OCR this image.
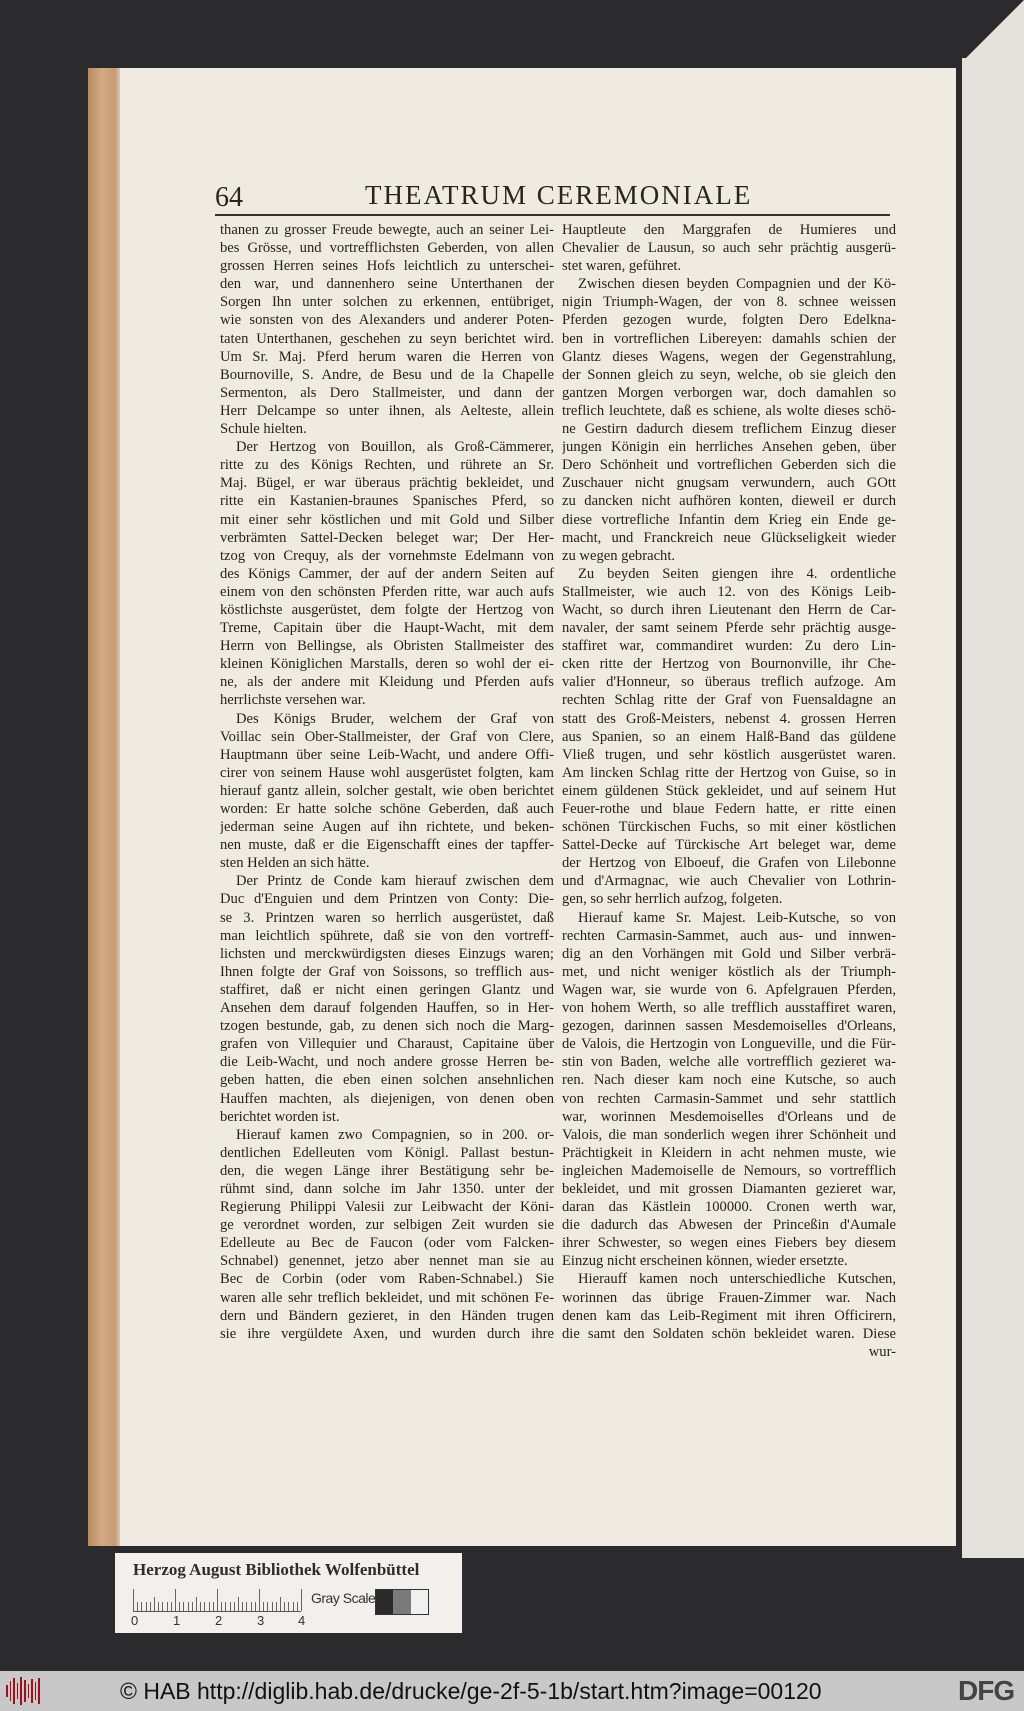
64	THEATRUM CEREMONIALE
thanen zu grosser Freude bewegte, auch an seiner Lei-
bes Grösse, und vortrefflichsten Geberden, von allen
grossen Herren seines Hofs leichtlich zu unterschei-
den war, und dannenhero seine Unterthanen der
Sorgen Ihn unter solchen zu erkennen, entübriget,
wie sonsten von des Alexanders und anderer Poten-
taten Unterthanen, geschehen zu seyn berichtet wird.
Um Sr. Maj. Pferd herum waren die Herren von
Bournoville, S. Andre, de Besu und de la Chapelle
Sermenton, als Dero Stallmeister, und dann der
Herr Delcampe so unter ihnen, als Aelteste, allein
Schule hielten.
Der Hertzog von Bouillon, als Groß-Cämmerer,
ritte zu des Königs Rechten, und rührete an Sr.
Maj. Bügel, er war überaus prächtig bekleidet, und
ritte ein Kastanien-braunes Spanisches Pferd, so
mit einer sehr köstlichen und mit Gold und Silber
verbrämten Sattel-Decken beleget war; Der Her-
tzog von Crequy, als der vornehmste Edelmann von
des Königs Cammer, der auf der andern Seiten auf
einem von den schönsten Pferden ritte, war auch aufs
köstlichste ausgerüstet, dem folgte der Hertzog von
Treme, Capitain über die Haupt-Wacht, mit dem
Herrn von Bellingse, als Obristen Stallmeister des
kleinen Königlichen Marstalls, deren so wohl der ei-
ne, als der andere mit Kleidung und Pferden aufs
herrlichste versehen war.
Des Königs Bruder, welchem der Graf von
Voillac sein Ober-Stallmeister, der Graf von Clere,
Hauptmann über seine Leib-Wacht, und andere Offi-
cirer von seinem Hause wohl ausgerüstet folgten, kam
hierauf gantz allein, solcher gestalt, wie oben berichtet
worden: Er hatte solche schöne Geberden, daß auch
jederman seine Augen auf ihn richtete, und beken-
nen muste, daß er die Eigenschafft eines der tapffer-
sten Helden an sich hätte.
Der Printz de Conde kam hierauf zwischen dem
Duc d'Enguien und dem Printzen von Conty: Die-
se 3. Printzen waren so herrlich ausgerüstet, daß
man leichtlich spührete, daß sie von den vortreff-
lichsten und merckwürdigsten dieses Einzugs waren;
Ihnen folgte der Graf von Soissons, so trefflich aus-
staffiret, daß er nicht einen geringen Glantz und
Ansehen dem darauf folgenden Hauffen, so in Her-
tzogen bestunde, gab, zu denen sich noch die Marg-
grafen von Villequier und Charaust, Capitaine über
die Leib-Wacht, und noch andere grosse Herren be-
geben hatten, die eben einen solchen ansehnlichen
Hauffen machten, als diejenigen, von denen oben
berichtet worden ist.
Hierauf kamen zwo Compagnien, so in 200. or-
dentlichen Edelleuten vom Königl. Pallast bestun-
den, die wegen Länge ihrer Bestätigung sehr be-
rühmt sind, dann solche im Jahr 1350. unter der
Regierung Philippi Valesii zur Leibwacht der Köni-
ge verordnet worden, zur selbigen Zeit wurden sie
Edelleute au Bec de Faucon (oder vom Falcken-
Schnabel) genennet, jetzo aber nennet man sie au
Bec de Corbin (oder vom Raben-Schnabel.) Sie
waren alle sehr treflich bekleidet, und mit schönen Fe-
dern und Bändern gezieret, in den Händen trugen
sie ihre vergüldete Axen, und wurden durch ihre
Hauptleute den Marggrafen de Humieres und
Chevalier de Lausun, so auch sehr prächtig ausgerü-
stet waren, geführet.
Zwischen diesen beyden Compagnien und der Kö-
nigin Triumph-Wagen, der von 8. schnee weissen
Pferden gezogen wurde, folgten Dero Edelkna-
ben in vortreflichen Libereyen: damahls schien der
Glantz dieses Wagens, wegen der Gegenstrahlung,
der Sonnen gleich zu seyn, welche, ob sie gleich den
gantzen Morgen verborgen war, doch damahlen so
treflich leuchtete, daß es schiene, als wolte dieses schö-
ne Gestirn dadurch diesem treflichem Einzug dieser
jungen Königin ein herrliches Ansehen geben, über
Dero Schönheit und vortreflichen Geberden sich die
Zuschauer nicht gnugsam verwundern, auch GOtt
zu dancken nicht aufhören konten, dieweil er durch
diese vortrefliche Infantin dem Krieg ein Ende ge-
macht, und Franckreich neue Glückseligkeit wieder
zu wegen gebracht.
Zu beyden Seiten giengen ihre 4. ordentliche
Stallmeister, wie auch 12. von des Königs Leib-
Wacht, so durch ihren Lieutenant den Herrn de Car-
navaler, der samt seinem Pferde sehr prächtig ausge-
staffiret war, commandiret wurden: Zu dero Lin-
cken ritte der Hertzog von Bournonville, ihr Che-
valier d'Honneur, so überaus treflich aufzoge. Am
rechten Schlag ritte der Graf von Fuensaldagne an
statt des Groß-Meisters, nebenst 4. grossen Herren
aus Spanien, so an einem Halß-Band das güldene
Vließ trugen, und sehr köstlich ausgerüstet waren.
Am lincken Schlag ritte der Hertzog von Guise, so in
einem güldenen Stück gekleidet, und auf seinem Hut
Feuer-rothe und blaue Federn hatte, er ritte einen
schönen Türckischen Fuchs, so mit einer köstlichen
Sattel-Decke auf Türckische Art beleget war, deme
der Hertzog von Elboeuf, die Grafen von Lilebonne
und d'Armagnac, wie auch Chevalier von Lothrin-
gen, so sehr herrlich aufzog, folgeten.
Hierauf kame Sr. Majest. Leib-Kutsche, so von
rechten Carmasin-Sammet, auch aus- und innwen-
dig an den Vorhängen mit Gold und Silber verbrä-
met, und nicht weniger köstlich als der Triumph-
Wagen war, sie wurde von 6. Apfelgrauen Pferden,
von hohem Werth, so alle trefflich ausstaffiret waren,
gezogen, darinnen sassen Mesdemoiselles d'Orleans,
de Valois, die Hertzogin von Longueville, und die Für-
stin von Baden, welche alle vortrefflich gezieret wa-
ren. Nach dieser kam noch eine Kutsche, so auch
von rechten Carmasin-Sammet und sehr stattlich
war, worinnen Mesdemoiselles d'Orleans und de
Valois, die man sonderlich wegen ihrer Schönheit und
Prächtigkeit in Kleidern in acht nehmen muste, wie
ingleichen Mademoiselle de Nemours, so vortrefflich
bekleidet, und mit grossen Diamanten gezieret war,
daran das Kästlein 100000. Cronen werth war,
die dadurch das Abwesen der Princeßin d'Aumale
ihrer Schwester, so wegen eines Fiebers bey diesem
Einzug nicht erscheinen können, wieder ersetzte.
Hierauff kamen noch unterschiedliche Kutschen,
worinnen das übrige Frauen-Zimmer war. Nach
denen kam das Leib-Regiment mit ihren Officirern,
die samt den Soldaten schön bekleidet waren. Diese
wur-
Herzog August Bibliothek Wolfenbüttel
0	1	2	3	4
Gray Scale
© HAB http://diglib.hab.de/drucke/ge-2f-5-1b/start.htm?image=00120	DFG
